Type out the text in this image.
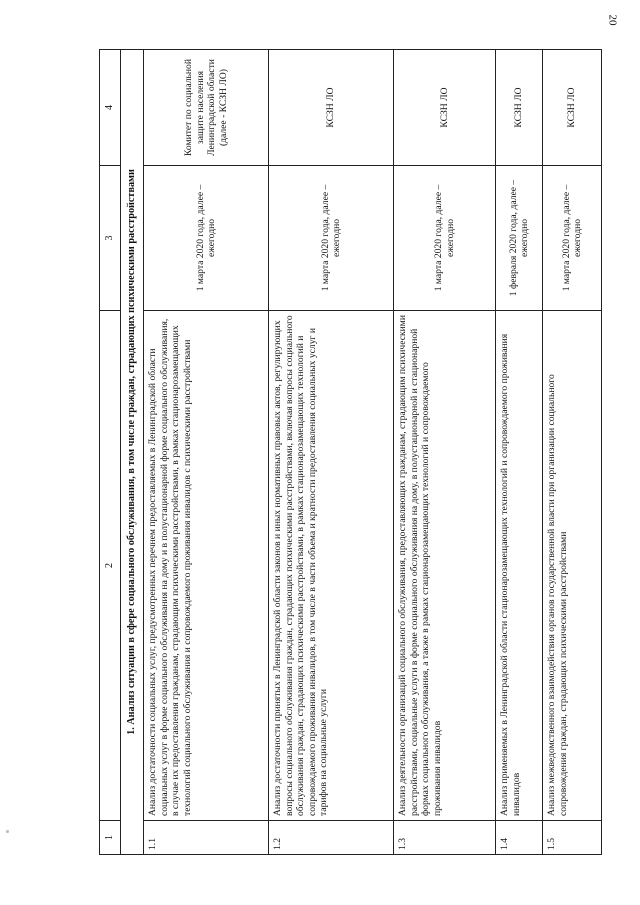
20
1	2	3	4
1. Анализ ситуации в сфере социального обслуживания, в том числе граждан, страдающих психическими расстройствами			
1.1	Анализ достаточности социальных услуг, предусмотренных перечнем предоставляемых в Ленинградской области социальных услуг в форме социального обслуживания на дому и в полустационарной форме социального обслуживания, в случае их предоставления гражданам, страдающим психическими расстройствами, в рамках стационарозамещающих технологий социального обслуживания и сопровождаемого проживания инвалидов с психическими расстройствами	1 марта 2020 года, далее – ежегодно	Комитет по социальной защите населения Ленинградской области (далее - КСЗН ЛО)
1.2	Анализ достаточности принятых в Ленинградской области законов и иных нормативных правовых актов, регулирующих вопросы социального обслуживания граждан, страдающих психическими расстройствами, включая вопросы социального обслуживания граждан, страдающих психическими расстройствами, в рамках стационарозамещающих технологий и сопровождаемого проживания инвалидов, в том числе в части объема и кратности предоставления социальных услуг и тарифов на социальные услуги	1 марта 2020 года, далее – ежегодно	КСЗН ЛО
1.3	Анализ деятельности организаций социального обслуживания, предоставляющих гражданам, страдающим психическими расстройствами, социальные услуги в форме социального обслуживания на дому, в полустационарной и стационарной формах социального обслуживания, а также в рамках стационарозамещающих технологий и сопровождаемого проживания инвалидов	1 марта 2020 года, далее – ежегодно	КСЗН ЛО
1.4	Анализ применяемых в Ленинградской области стационарозамещающих технологий и сопровождаемого проживания инвалидов	1 февраля 2020 года, далее – ежегодно	КСЗН ЛО
1.5	Анализ межведомственного взаимодействия органов государственной власти при организации социального сопровождения граждан, страдающих психическими расстройствами	1 марта 2020 года, далее – ежегодно	КСЗН ЛО
